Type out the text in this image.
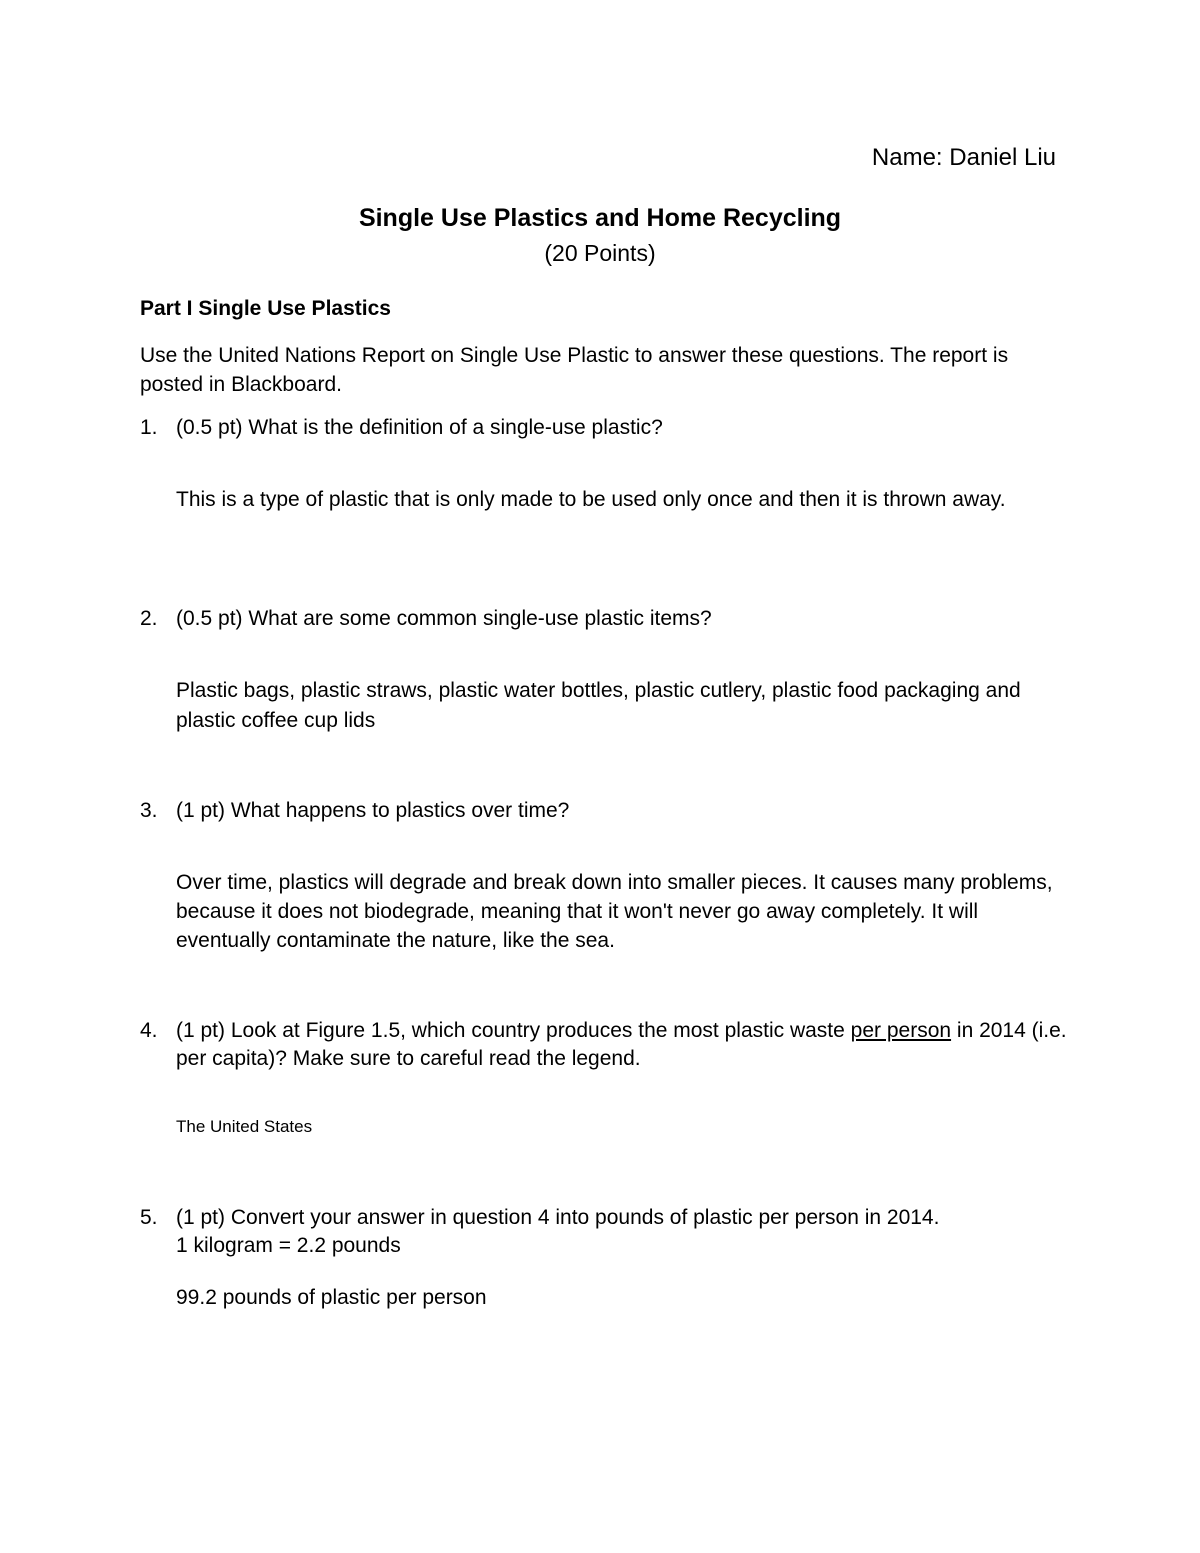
Name: Daniel Liu
Single Use Plastics and Home Recycling
(20 Points)
Part I Single Use Plastics
Use the United Nations Report on Single Use Plastic to answer these questions. The report is posted in Blackboard.
1. (0.5 pt) What is the definition of a single-use plastic?
This is a type of plastic that is only made to be used only once and then it is thrown away.
2. (0.5 pt) What are some common single-use plastic items?
Plastic bags, plastic straws, plastic water bottles, plastic cutlery, plastic food packaging and plastic coffee cup lids
3. (1 pt) What happens to plastics over time?
Over time, plastics will degrade and break down into smaller pieces. It causes many problems, because it does not biodegrade, meaning that it won't never go away completely. It will eventually contaminate the nature, like the sea.
4. (1 pt) Look at Figure 1.5, which country produces the most plastic waste per person in 2014 (i.e. per capita)? Make sure to careful read the legend.
The United States
5. (1 pt) Convert your answer in question 4 into pounds of plastic per person in 2014.
1 kilogram = 2.2 pounds
99.2 pounds of plastic per person
